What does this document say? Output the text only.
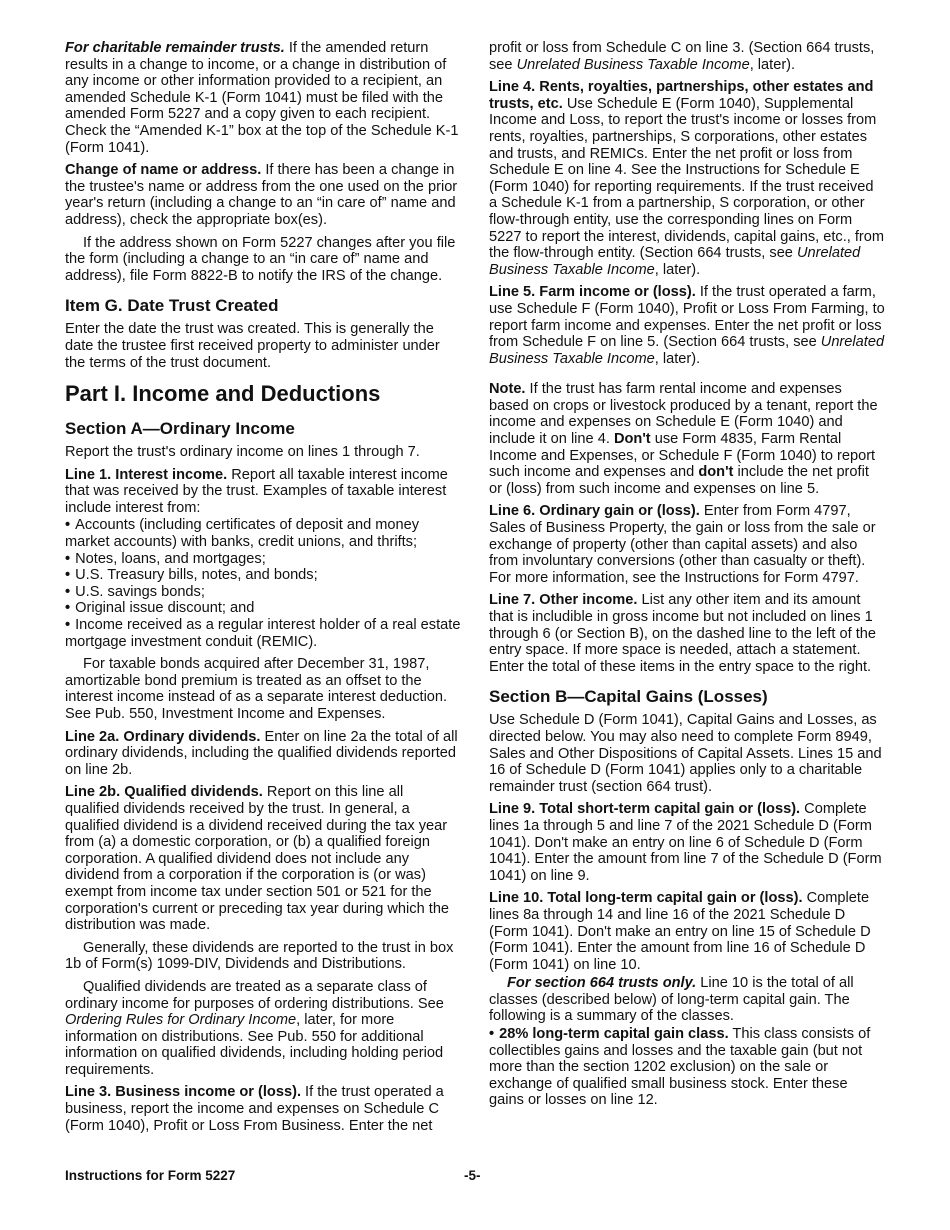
For charitable remainder trusts. If the amended return results in a change to income, or a change in distribution of any income or other information provided to a recipient, an amended Schedule K-1 (Form 1041) must be filed with the amended Form 5227 and a copy given to each recipient. Check the “Amended K-1” box at the top of the Schedule K-1 (Form 1041).

Change of name or address. If there has been a change in the trustee's name or address from the one used on the prior year's return (including a change to an “in care of” name and address), check the appropriate box(es).

If the address shown on Form 5227 changes after you file the form (including a change to an “in care of” name and address), file Form 8822-B to notify the IRS of the change.

Item G. Date Trust Created

Enter the date the trust was created. This is generally the date the trustee first received property to administer under the terms of the trust document.

Part I. Income and Deductions
Section A—Ordinary Income

Report the trust's ordinary income on lines 1 through 7.

Line 1. Interest income. Report all taxable interest income that was received by the trust. Examples of taxable interest include interest from:

• Accounts (including certificates of deposit and money market accounts) with banks, credit unions, and thrifts;
• Notes, loans, and mortgages;
• U.S. Treasury bills, notes, and bonds;
• U.S. savings bonds;
• Original issue discount; and
• Income received as a regular interest holder of a real estate mortgage investment conduit (REMIC).

For taxable bonds acquired after December 31, 1987, amortizable bond premium is treated as an offset to the interest income instead of as a separate interest deduction. See Pub. 550, Investment Income and Expenses.

Line 2a. Ordinary dividends. Enter on line 2a the total of all ordinary dividends, including the qualified dividends reported on line 2b.

Line 2b. Qualified dividends. Report on this line all qualified dividends received by the trust. In general, a qualified dividend is a dividend received during the tax year from (a) a domestic corporation, or (b) a qualified foreign corporation. A qualified dividend does not include any dividend from a corporation if the corporation is (or was) exempt from income tax under section 501 or 521 for the corporation's current or preceding tax year during which the distribution was made.

Generally, these dividends are reported to the trust in box 1b of Form(s) 1099-DIV, Dividends and Distributions.

Qualified dividends are treated as a separate class of ordinary income for purposes of ordering distributions. See Ordering Rules for Ordinary Income, later, for more information on distributions. See Pub. 550 for additional information on qualified dividends, including holding period requirements.

Line 3. Business income or (loss). If the trust operated a business, report the income and expenses on Schedule C (Form 1040), Profit or Loss From Business. Enter the net

profit or loss from Schedule C on line 3. (Section 664 trusts, see Unrelated Business Taxable Income, later).

Line 4. Rents, royalties, partnerships, other estates and trusts, etc. Use Schedule E (Form 1040), Supplemental Income and Loss, to report the trust's income or losses from rents, royalties, partnerships, S corporations, other estates and trusts, and REMICs. Enter the net profit or loss from Schedule E on line 4. See the Instructions for Schedule E (Form 1040) for reporting requirements. If the trust received a Schedule K-1 from a partnership, S corporation, or other flow-through entity, use the corresponding lines on Form 5227 to report the interest, dividends, capital gains, etc., from the flow-through entity. (Section 664 trusts, see Unrelated Business Taxable Income, later).

Line 5. Farm income or (loss). If the trust operated a farm, use Schedule F (Form 1040), Profit or Loss From Farming, to report farm income and expenses. Enter the net profit or loss from Schedule F on line 5. (Section 664 trusts, see Unrelated Business Taxable Income, later).

Note. If the trust has farm rental income and expenses based on crops or livestock produced by a tenant, report the income and expenses on Schedule E (Form 1040) and include it on line 4. Don't use Form 4835, Farm Rental Income and Expenses, or Schedule F (Form 1040) to report such income and expenses and don't include the net profit or (loss) from such income and expenses on line 5.

Line 6. Ordinary gain or (loss). Enter from Form 4797, Sales of Business Property, the gain or loss from the sale or exchange of property (other than capital assets) and also from involuntary conversions (other than casualty or theft). For more information, see the Instructions for Form 4797.

Line 7. Other income. List any other item and its amount that is includible in gross income but not included on lines 1 through 6 (or Section B), on the dashed line to the left of the entry space. If more space is needed, attach a statement. Enter the total of these items in the entry space to the right.

Section B—Capital Gains (Losses)

Use Schedule D (Form 1041), Capital Gains and Losses, as directed below. You may also need to complete Form 8949, Sales and Other Dispositions of Capital Assets. Lines 15 and 16 of Schedule D (Form 1041) applies only to a charitable remainder trust (section 664 trust).

Line 9. Total short-term capital gain or (loss). Complete lines 1a through 5 and line 7 of the 2021 Schedule D (Form 1041). Don't make an entry on line 6 of Schedule D (Form 1041). Enter the amount from line 7 of the Schedule D (Form 1041) on line 9.

Line 10. Total long-term capital gain or (loss). Complete lines 8a through 14 and line 16 of the 2021 Schedule D (Form 1041). Don't make an entry on line 15 of Schedule D (Form 1041). Enter the amount from line 16 of Schedule D (Form 1041) on line 10.

For section 664 trusts only. Line 10 is the total of all classes (described below) of long-term capital gain. The following is a summary of the classes.

• 28% long-term capital gain class. This class consists of collectibles gains and losses and the taxable gain (but not more than the section 1202 exclusion) on the sale or exchange of qualified small business stock. Enter these gains or losses on line 12.
Instructions for Form 5227	-5-
